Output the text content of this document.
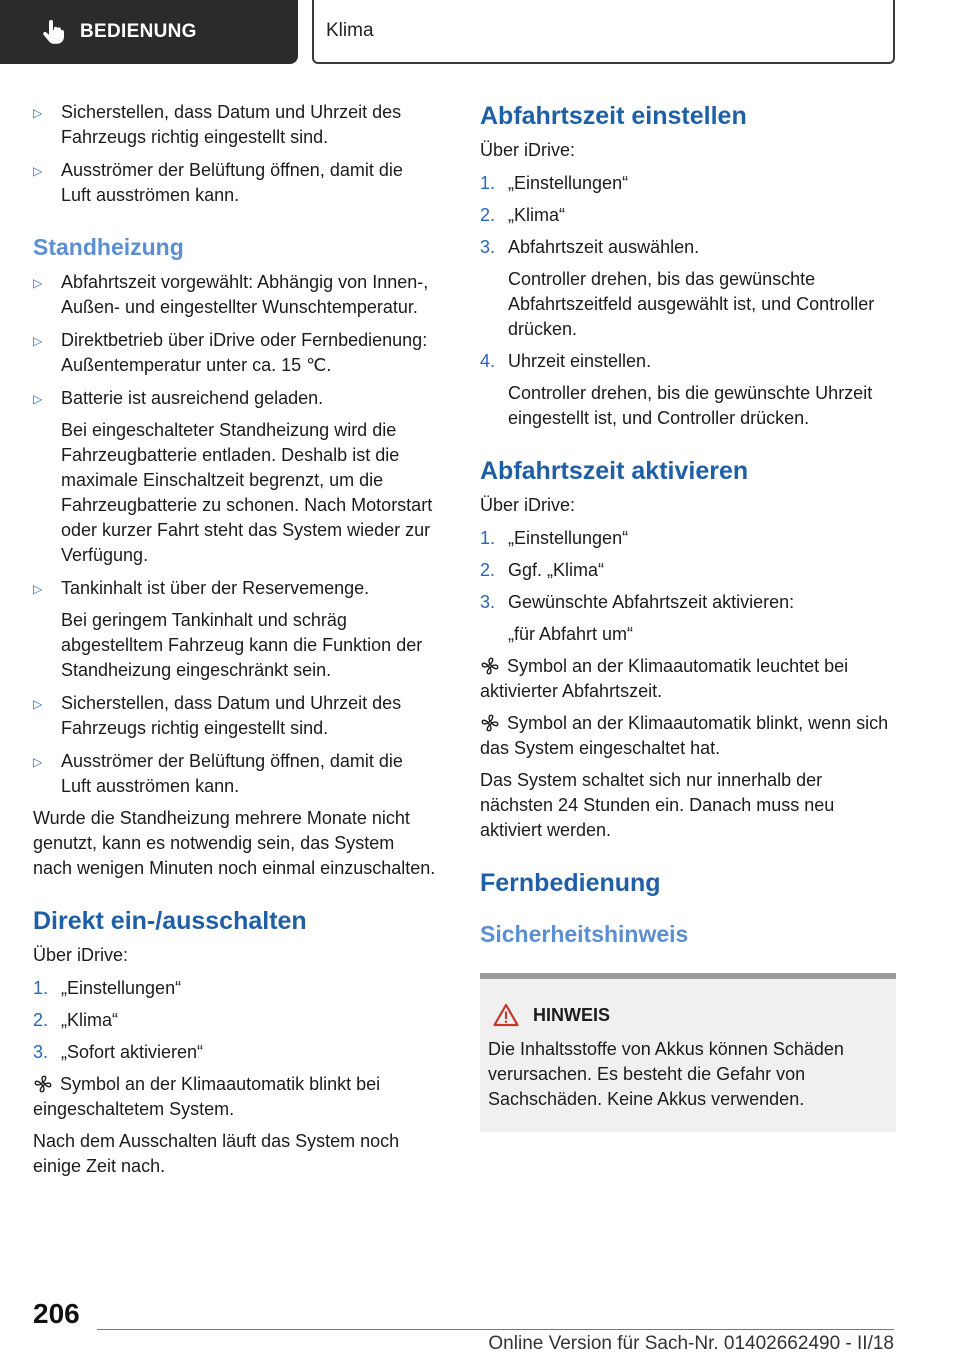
BEDIENUNG	Klima
▷	Sicherstellen, dass Datum und Uhrzeit des Fahrzeugs richtig eingestellt sind.
▷	Ausströmer der Belüftung öffnen, damit die Luft ausströmen kann.
Standheizung
▷	Abfahrtszeit vorgewählt: Abhängig von Innen-, Außen- und eingestellter Wunschtemperatur.
▷	Direktbetrieb über iDrive oder Fernbedienung: Außentemperatur unter ca. 15 ℃.
▷	Batterie ist ausreichend geladen.
Bei eingeschalteter Standheizung wird die Fahrzeugbatterie entladen. Deshalb ist die maximale Einschaltzeit begrenzt, um die Fahrzeugbatterie zu schonen. Nach Motorstart oder kurzer Fahrt steht das System wieder zur Verfügung.
▷	Tankinhalt ist über der Reservemenge.
Bei geringem Tankinhalt und schräg abgestelltem Fahrzeug kann die Funktion der Standheizung eingeschränkt sein.
▷	Sicherstellen, dass Datum und Uhrzeit des Fahrzeugs richtig eingestellt sind.
▷	Ausströmer der Belüftung öffnen, damit die Luft ausströmen kann.
Wurde die Standheizung mehrere Monate nicht genutzt, kann es notwendig sein, das System nach wenigen Minuten noch einmal einzuschalten.
Direkt ein-/ausschalten
Über iDrive:
1. „Einstellungen“
2. „Klima“
3. „Sofort aktivieren“
Symbol an der Klimaautomatik blinkt bei eingeschaltetem System.
Nach dem Ausschalten läuft das System noch einige Zeit nach.
Abfahrtszeit einstellen
Über iDrive:
1. „Einstellungen“
2. „Klima“
3. Abfahrtszeit auswählen.
Controller drehen, bis das gewünschte Abfahrtszeitfeld ausgewählt ist, und Controller drücken.
4. Uhrzeit einstellen.
Controller drehen, bis die gewünschte Uhrzeit eingestellt ist, und Controller drücken.
Abfahrtszeit aktivieren
Über iDrive:
1. „Einstellungen“
2. Ggf. „Klima“
3. Gewünschte Abfahrtszeit aktivieren:
„für Abfahrt um“
Symbol an der Klimaautomatik leuchtet bei aktivierter Abfahrtszeit.
Symbol an der Klimaautomatik blinkt, wenn sich das System eingeschaltet hat.
Das System schaltet sich nur innerhalb der nächsten 24 Stunden ein. Danach muss neu aktiviert werden.
Fernbedienung
Sicherheitshinweis
HINWEIS
Die Inhaltsstoffe von Akkus können Schäden verursachen. Es besteht die Gefahr von Sachschäden. Keine Akkus verwenden.
206
Online Version für Sach-Nr. 01402662490 - II/18
